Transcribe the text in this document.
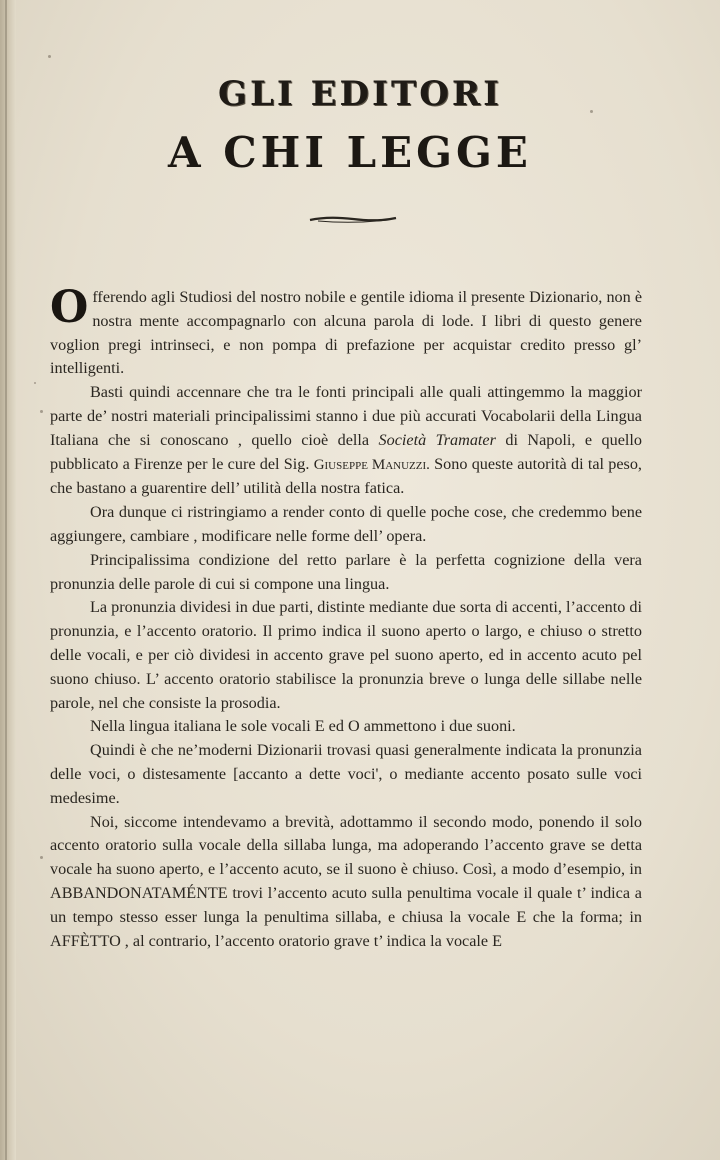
GLI EDITORI
A CHI LEGGE

Offerendo agli Studiosi del nostro nobile e gentile idioma il presente Dizionario, non è nostra mente accompagnarlo con alcuna parola di lode. I libri di questo genere voglion pregi intrinseci, e non pompa di prefazione per acquistar credito presso gl’ intelligenti.

Basti quindi accennare che tra le fonti principali alle quali attingemmo la maggior parte de’ nostri materiali principalissimi stanno i due più accurati Vocabolarii della Lingua Italiana che si conoscano , quello cioè della Società Tramater di Napoli, e quello pubblicato a Firenze per le cure del Sig. Giuseppe Manuzzi. Sono queste autorità di tal peso, che bastano a guarentire dell’ utilità della nostra fatica.

Ora dunque ci ristringiamo a render conto di quelle poche cose, che credemmo bene aggiungere, cambiare , modificare nelle forme dell’ opera.

Principalissima condizione del retto parlare è la perfetta cognizione della vera pronunzia delle parole di cui si compone una lingua.

La pronunzia dividesi in due parti, distinte mediante due sorta di accenti, l’accento di pronunzia, e l’accento oratorio. Il primo indica il suono aperto o largo, e chiuso o stretto delle vocali, e per ciò dividesi in accento grave pel suono aperto, ed in accento acuto pel suono chiuso. L’ accento oratorio stabilisce la pronunzia breve o lunga delle sillabe nelle parole, nel che consiste la prosodia.

Nella lingua italiana le sole vocali E ed O ammettono i due suoni.

Quindi è che ne’moderni Dizionarii trovasi quasi generalmente indicata la pronunzia delle voci, o distesamente [accanto a dette voci', o mediante accento posato sulle voci medesime.

Noi, siccome intendevamo a brevità, adottammo il secondo modo, ponendo il solo accento oratorio sulla vocale della sillaba lunga, ma adoperando l’accento grave se detta vocale ha suono aperto, e l’accento acuto, se il suono è chiuso. Così, a modo d’esempio, in ABBANDONATAMÉNTE trovi l’accento acuto sulla penultima vocale il quale t’ indica a un tempo stesso esser lunga la penultima sillaba, e chiusa la vocale E che la forma; in AFFÈTTO , al contrario, l’accento oratorio grave t’ indica la vocale E
